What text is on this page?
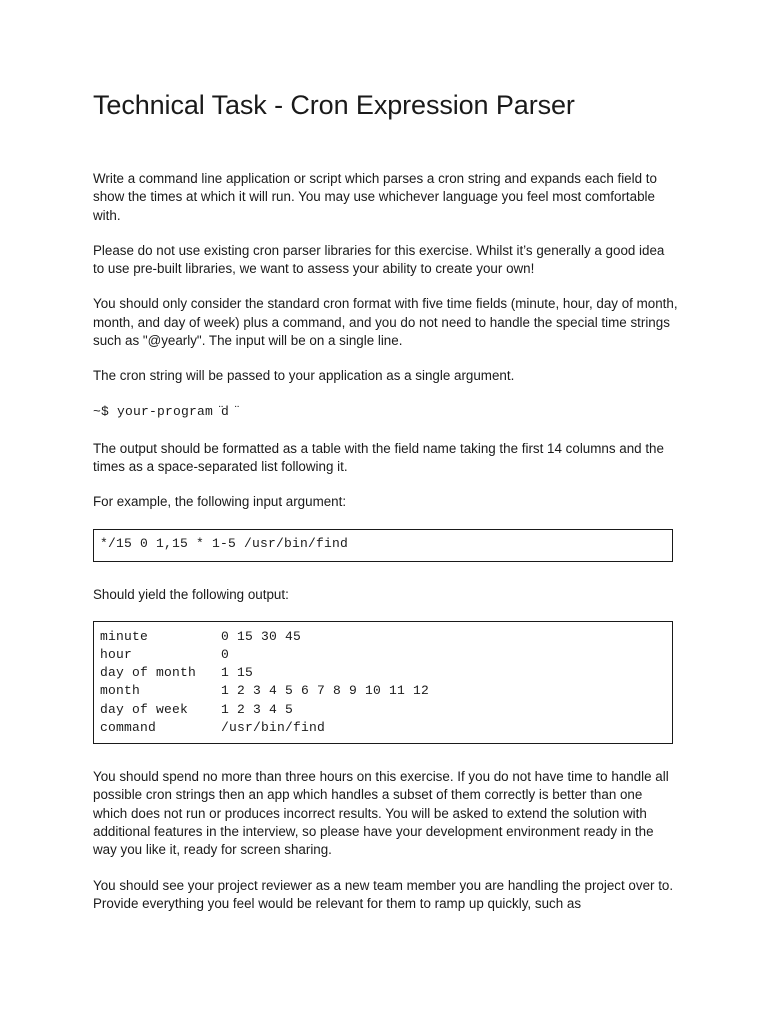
Technical Task - Cron Expression Parser

Write a command line application or script which parses a cron string and expands each field to show the times at which it will run. You may use whichever language you feel most comfortable with.

Please do not use existing cron parser libraries for this exercise. Whilst it’s generally a good idea to use pre-built libraries, we want to assess your ability to create your own!

You should only consider the standard cron format with five time fields (minute, hour, day of month, month, and day of week) plus a command, and you do not need to handle the special time strings such as "@yearly". The input will be on a single line.

The cron string will be passed to your application as a single argument.

~$ your-program ̈d ̈

The output should be formatted as a table with the field name taking the first 14 columns and the times as a space-separated list following it.

For example, the following input argument:

*/15 0 1,15 * 1-5 /usr/bin/find

Should yield the following output:

minute	0 15 30 45
hour	0
day of month	1 15
month	1 2 3 4 5 6 7 8 9 10 11 12
day of week	1 2 3 4 5
command	/usr/bin/find

You should spend no more than three hours on this exercise. If you do not have time to handle all possible cron strings then an app which handles a subset of them correctly is better than one which does not run or produces incorrect results. You will be asked to extend the solution with additional features in the interview, so please have your development environment ready in the way you like it, ready for screen sharing.

You should see your project reviewer as a new team member you are handling the project over to. Provide everything you feel would be relevant for them to ramp up quickly, such as
